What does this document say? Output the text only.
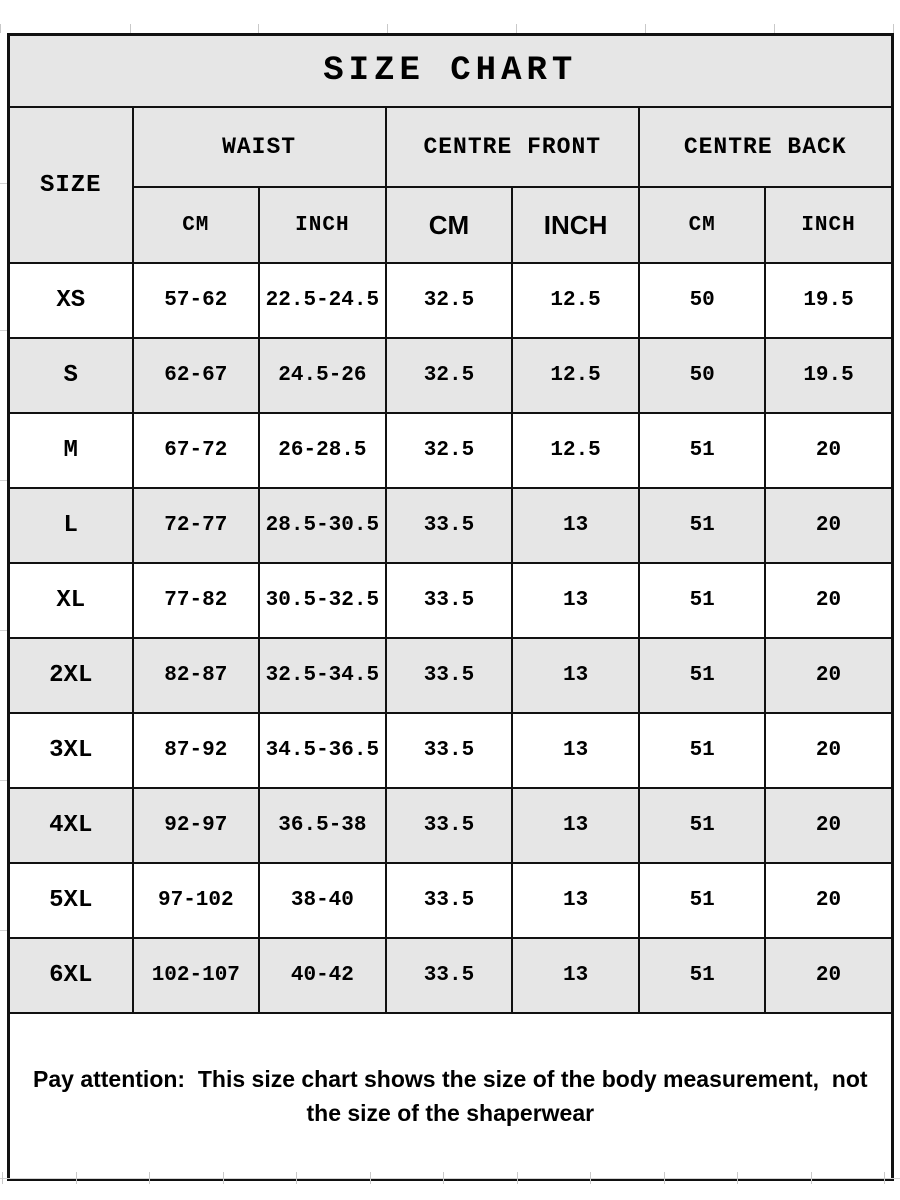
SIZE CHART						
SIZE	WAIST		CENTRE FRONT		CENTRE BACK	
	CM	INCH	CM	INCH	CM	INCH
XS	57-62	22.5-24.5	32.5	12.5	50	19.5
S	62-67	24.5-26	32.5	12.5	50	19.5
M	67-72	26-28.5	32.5	12.5	51	20
L	72-77	28.5-30.5	33.5	13	51	20
XL	77-82	30.5-32.5	33.5	13	51	20
2XL	82-87	32.5-34.5	33.5	13	51	20
3XL	87-92	34.5-36.5	33.5	13	51	20
4XL	92-97	36.5-38	33.5	13	51	20
5XL	97-102	38-40	33.5	13	51	20
6XL	102-107	40-42	33.5	13	51	20

Pay attention:  This size chart shows the size of the body measurement,  not
the size of the shaperwear						
